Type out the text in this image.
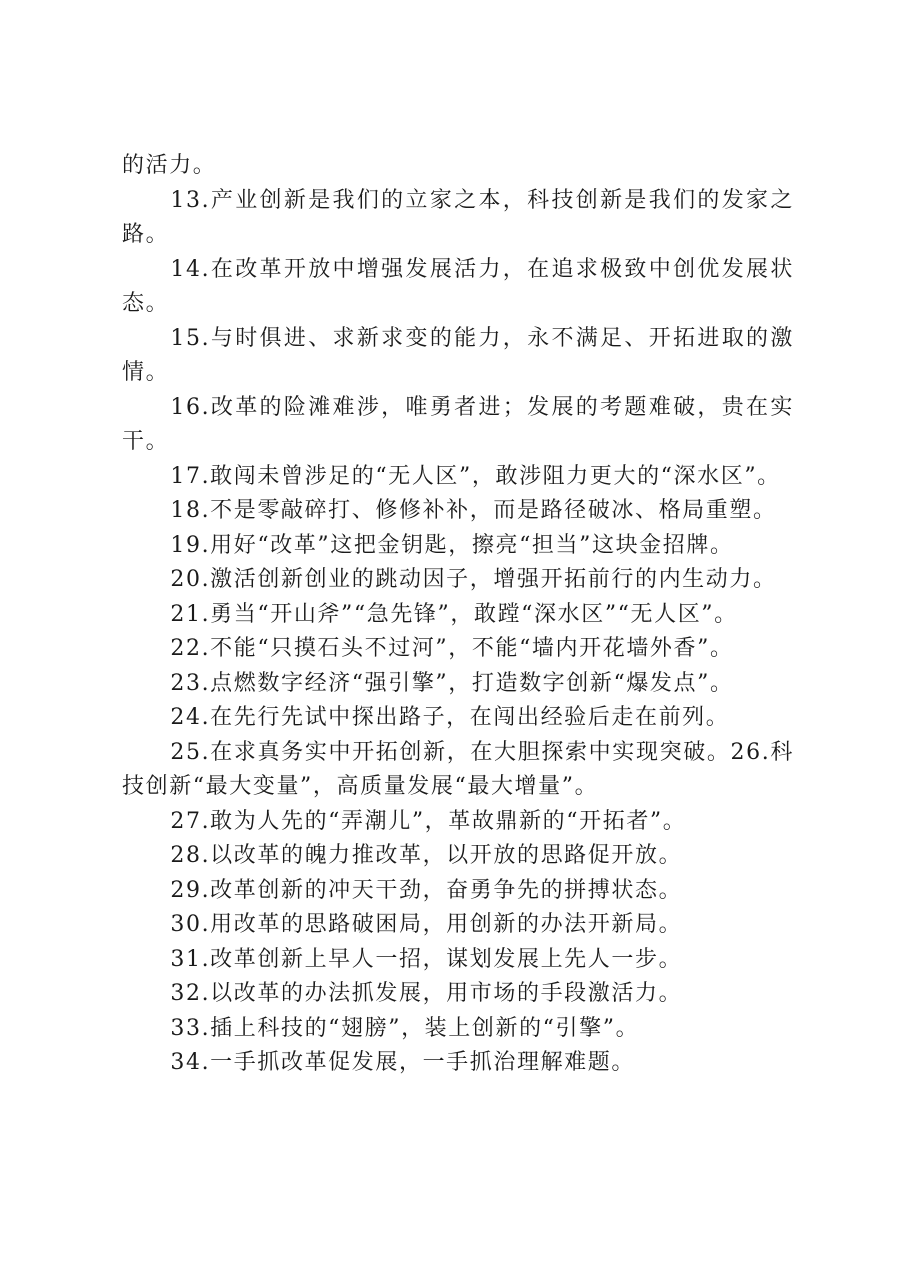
的活力。

13.产业创新是我们的立家之本，科技创新是我们的发家之路。

14.在改革开放中增强发展活力，在追求极致中创优发展状态。

15.与时俱进、求新求变的能力，永不满足、开拓进取的激情。

16.改革的险滩难涉，唯勇者进；发展的考题难破，贵在实干。

17.敢闯未曾涉足的“无人区”，敢涉阻力更大的“深水区”。

18.不是零敲碎打、修修补补，而是路径破冰、格局重塑。

19.用好“改革”这把金钥匙，擦亮“担当”这块金招牌。

20.激活创新创业的跳动因子，增强开拓前行的内生动力。

21.勇当“开山斧”“急先锋”，敢蹚“深水区”“无人区”。

22.不能“只摸石头不过河”，不能“墙内开花墙外香”。

23.点燃数字经济“强引擎”，打造数字创新“爆发点”。

24.在先行先试中探出路子，在闯出经验后走在前列。

25.在求真务实中开拓创新，在大胆探索中实现突破。26.科技创新“最大变量”，高质量发展“最大增量”。

27.敢为人先的“弄潮儿”，革故鼎新的“开拓者”。

28.以改革的魄力推改革，以开放的思路促开放。

29.改革创新的冲天干劲，奋勇争先的拼搏状态。

30.用改革的思路破困局，用创新的办法开新局。

31.改革创新上早人一招，谋划发展上先人一步。

32.以改革的办法抓发展，用市场的手段激活力。

33.插上科技的“翅膀”，装上创新的“引擎”。

34.一手抓改革促发展，一手抓治理解难题。
